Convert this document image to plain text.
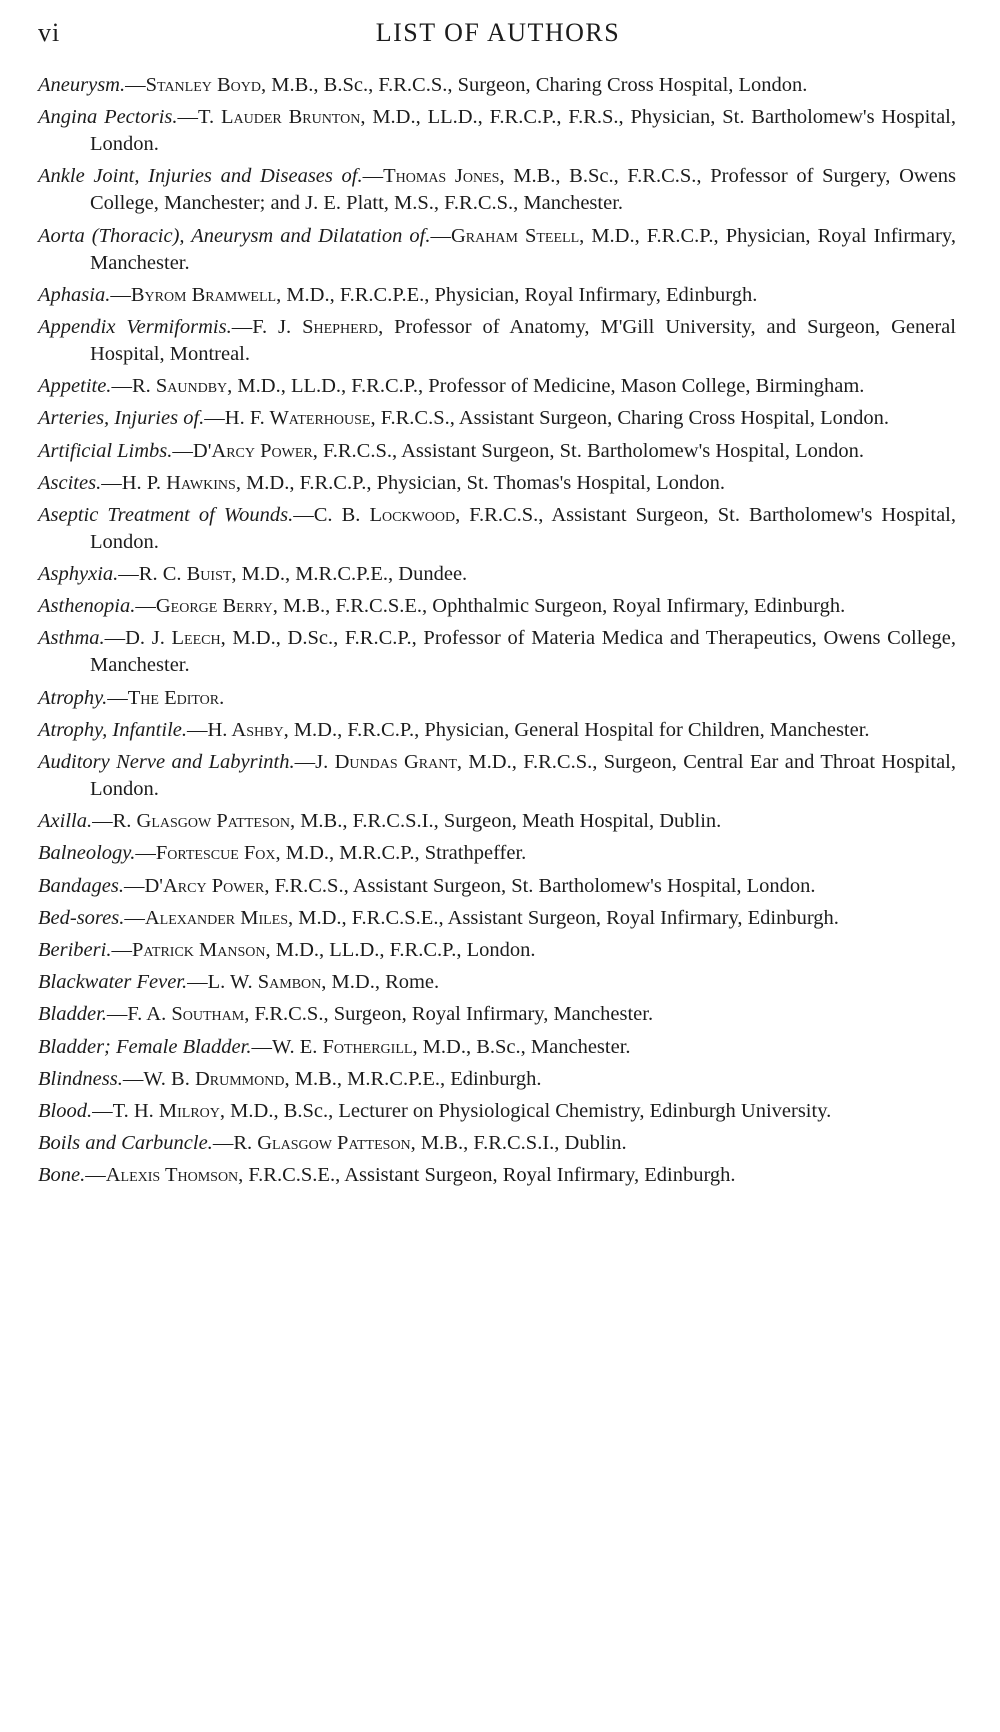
vi	LIST OF AUTHORS

Aneurysm.—Stanley Boyd, M.B., B.Sc., F.R.C.S., Surgeon, Charing Cross Hospital, London.

Angina Pectoris.—T. Lauder Brunton, M.D., LL.D., F.R.C.P., F.R.S., Physician, St. Bartholomew's Hospital, London.

Ankle Joint, Injuries and Diseases of.—Thomas Jones, M.B., B.Sc., F.R.C.S., Professor of Surgery, Owens College, Manchester; and J. E. Platt, M.S., F.R.C.S., Manchester.

Aorta (Thoracic), Aneurysm and Dilatation of.—Graham Steell, M.D., F.R.C.P., Physician, Royal Infirmary, Manchester.

Aphasia.—Byrom Bramwell, M.D., F.R.C.P.E., Physician, Royal Infirmary, Edinburgh.

Appendix Vermiformis.—F. J. Shepherd, Professor of Anatomy, M'Gill University, and Surgeon, General Hospital, Montreal.

Appetite.—R. Saundby, M.D., LL.D., F.R.C.P., Professor of Medicine, Mason College, Birmingham.

Arteries, Injuries of.—H. F. Waterhouse, F.R.C.S., Assistant Surgeon, Charing Cross Hospital, London.

Artificial Limbs.—D'Arcy Power, F.R.C.S., Assistant Surgeon, St. Bartholomew's Hospital, London.

Ascites.—H. P. Hawkins, M.D., F.R.C.P., Physician, St. Thomas's Hospital, London.

Aseptic Treatment of Wounds.—C. B. Lockwood, F.R.C.S., Assistant Surgeon, St. Bartholomew's Hospital, London.

Asphyxia.—R. C. Buist, M.D., M.R.C.P.E., Dundee.

Asthenopia.—George Berry, M.B., F.R.C.S.E., Ophthalmic Surgeon, Royal Infirmary, Edinburgh.

Asthma.—D. J. Leech, M.D., D.Sc., F.R.C.P., Professor of Materia Medica and Therapeutics, Owens College, Manchester.

Atrophy.—The Editor.

Atrophy, Infantile.—H. Ashby, M.D., F.R.C.P., Physician, General Hospital for Children, Manchester.

Auditory Nerve and Labyrinth.—J. Dundas Grant, M.D., F.R.C.S., Surgeon, Central Ear and Throat Hospital, London.

Axilla.—R. Glasgow Patteson, M.B., F.R.C.S.I., Surgeon, Meath Hospital, Dublin.

Balneology.—Fortescue Fox, M.D., M.R.C.P., Strathpeffer.

Bandages.—D'Arcy Power, F.R.C.S., Assistant Surgeon, St. Bartholomew's Hospital, London.

Bed-sores.—Alexander Miles, M.D., F.R.C.S.E., Assistant Surgeon, Royal Infirmary, Edinburgh.

Beriberi.—Patrick Manson, M.D., LL.D., F.R.C.P., London.

Blackwater Fever.—L. W. Sambon, M.D., Rome.

Bladder.—F. A. Southam, F.R.C.S., Surgeon, Royal Infirmary, Manchester.

Bladder; Female Bladder.—W. E. Fothergill, M.D., B.Sc., Manchester.

Blindness.—W. B. Drummond, M.B., M.R.C.P.E., Edinburgh.

Blood.—T. H. Milroy, M.D., B.Sc., Lecturer on Physiological Chemistry, Edinburgh University.

Boils and Carbuncle.—R. Glasgow Patteson, M.B., F.R.C.S.I., Dublin.

Bone.—Alexis Thomson, F.R.C.S.E., Assistant Surgeon, Royal Infirmary, Edinburgh.
